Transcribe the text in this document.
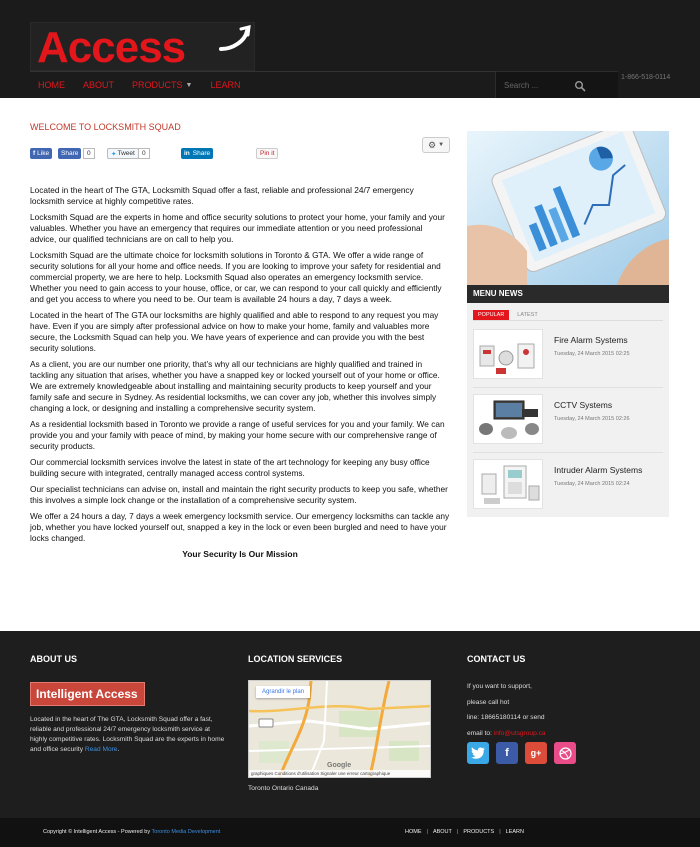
Access
HOME ABOUT PRODUCTS ▼ LEARN
Search ...
1-866-518-0114
WELCOME TO LOCKSMITH SQUAD
⚙ ▼
f Like Share	0	✦ Tweet	0	in Share	Pin it

Located in the heart of The GTA, Locksmith Squad offer a fast, reliable and professional 24/7 emergency locksmith service at highly competitive rates.

Locksmith Squad are the experts in home and office security solutions to protect your home, your family and your valuables. Whether you have an emergency that requires our immediate attention or you need professional advice, our qualified technicians are on call to help you.

Locksmith Squad are the ultimate choice for locksmith solutions in Toronto & GTA. We offer a wide range of security solutions for all your home and office needs. If you are looking to improve your safety for residential and commercial property, we are here to help. Locksmith Squad also operates an emergency locksmith service. Whether you need to gain access to your house, office, or car, we can respond to your call quickly and efficiently and get you access to where you need to be. Our team is available 24 hours a day, 7 days a week.

Located in the heart of The GTA our locksmiths are highly qualified and able to respond to any request you may have. Even if you are simply after professional advice on how to make your home, family and valuables more secure, the Locksmith Squad can help you. We have years of experience and can provide you with the best security solutions.

As a client, you are our number one priority, that’s why all our technicians are highly qualified and trained in tackling any situation that arises, whether you have a snapped key or locked yourself out of your home or office. We are extremely knowledgeable about installing and maintaining security products to keep yourself and your family safe and secure in Sydney. As residential locksmiths, we can cover any job, whether this involves simply changing a lock, or designing and installing a comprehensive security system.

As a residential locksmith based in Toronto we provide a range of useful services for you and your family. We can provide you and your family with peace of mind, by making your home secure with our comprehensive range of security products.

Our commercial locksmith services involve the latest in state of the art technology for keeping any busy office building secure with integrated, centrally managed access control systems.

Our specialist technicians can advise on, install and maintain the right security products to keep you safe, whether this involves a simple lock change or the installation of a comprehensive security system.

We offer a 24 hours a day, 7 days a week emergency locksmith service. Our emergency locksmiths can tackle any job, whether you have locked yourself out, snapped a key in the lock or even been burgled and need to have your locks changed.

Your Security Is Our Mission

MENU NEWS
POPULAR	LATEST
Fire Alarm Systems
Tuesday, 24 March 2015 02:25
CCTV Systems
Tuesday, 24 March 2015 02:26
Intruder Alarm Systems
Tuesday, 24 March 2015 02:24
ABOUT US
Intelligent Access
Located in the heart of The GTA, Locksmith Squad offer a fast, reliable and professional 24/7 emergency locksmith service at highly competitive rates. Locksmith Squad are the experts in home and office security Read More.
LOCATION SERVICES
Agrandir le plan
Google
graphiques Conditions d'utilisation Signaler une erreur cartographique
Toronto Ontario Canada
CONTACT US
If you want to support,
please call hot
line: 18665180114 or send
email to: info@utsgroup.ca
f	g+
Copyright © Intelligent Access - Powered by Toronto Media Development	HOME | ABOUT | PRODUCTS | LEARN
